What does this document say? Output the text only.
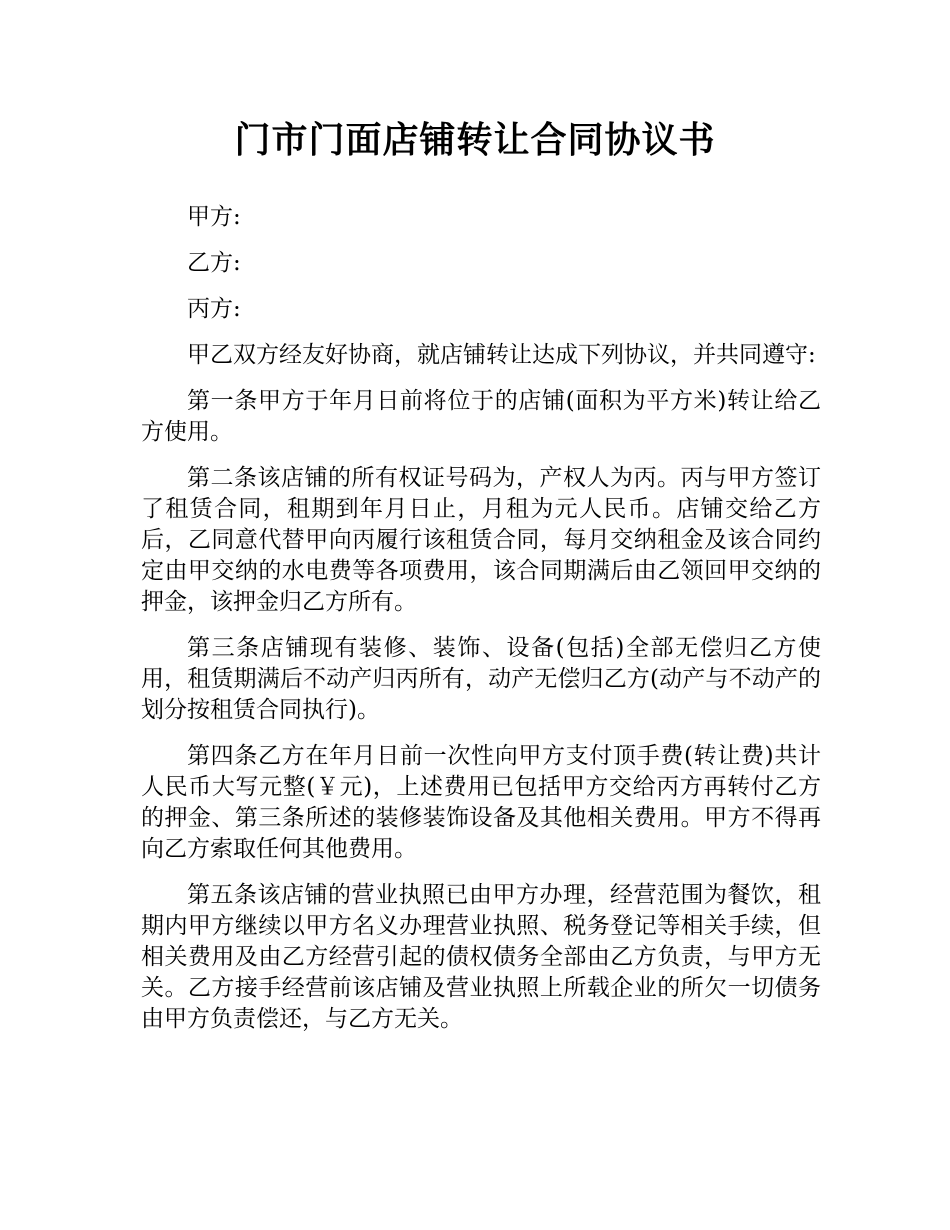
门市门面店铺转让合同协议书

甲方:

乙方:

丙方:

甲乙双方经友好协商，就店铺转让达成下列协议，并共同遵守:

第一条甲方于年月日前将位于的店铺(面积为平方米)转让给乙方使用。

第二条该店铺的所有权证号码为，产权人为丙。丙与甲方签订了租赁合同，租期到年月日止，月租为元人民币。店铺交给乙方后，乙同意代替甲向丙履行该租赁合同，每月交纳租金及该合同约定由甲交纳的水电费等各项费用，该合同期满后由乙领回甲交纳的押金，该押金归乙方所有。

第三条店铺现有装修、装饰、设备(包括)全部无偿归乙方使用，租赁期满后不动产归丙所有，动产无偿归乙方(动产与不动产的划分按租赁合同执行)。

第四条乙方在年月日前一次性向甲方支付顶手费(转让费)共计人民币大写元整(￥元)，上述费用已包括甲方交给丙方再转付乙方的押金、第三条所述的装修装饰设备及其他相关费用。甲方不得再向乙方索取任何其他费用。

第五条该店铺的营业执照已由甲方办理，经营范围为餐饮，租期内甲方继续以甲方名义办理营业执照、税务登记等相关手续，但相关费用及由乙方经营引起的债权债务全部由乙方负责，与甲方无关。乙方接手经营前该店铺及营业执照上所载企业的所欠一切债务由甲方负责偿还，与乙方无关。
